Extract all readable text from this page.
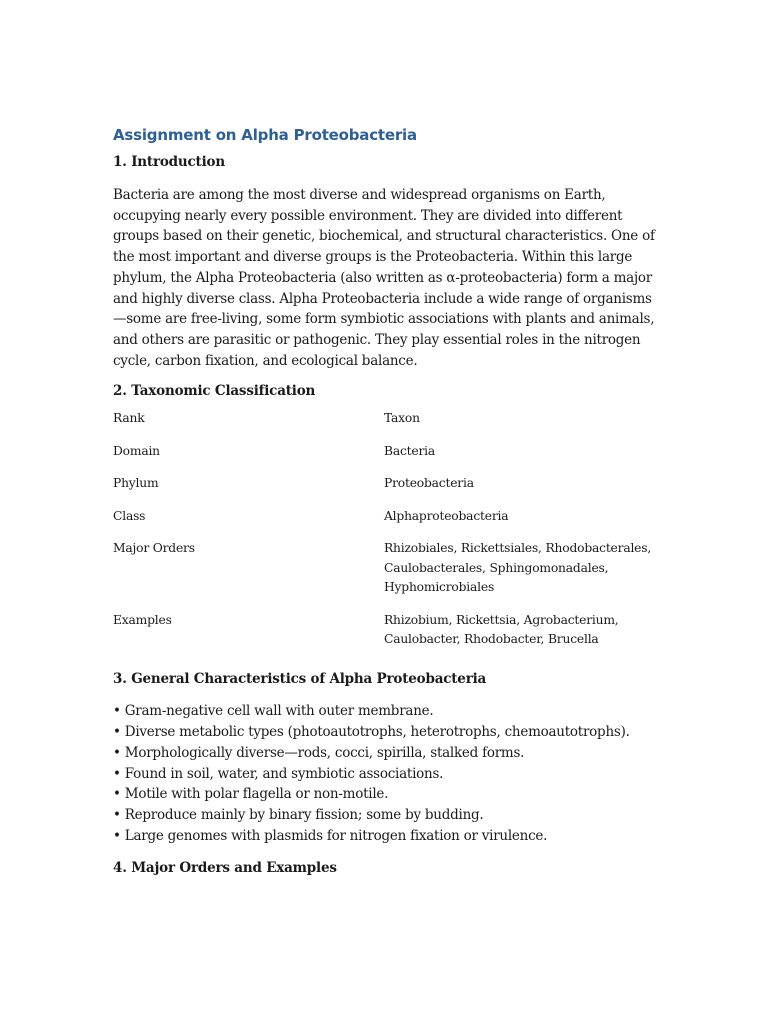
Assignment on Alpha Proteobacteria
1. Introduction

Bacteria are among the most diverse and widespread organisms on Earth, occupying nearly every possible environment. They are divided into different groups based on their genetic, biochemical, and structural characteristics. One of the most important and diverse groups is the Proteobacteria. Within this large phylum, the Alpha Proteobacteria (also written as α-proteobacteria) form a major and highly diverse class. Alpha Proteobacteria include a wide range of organisms—some are free-living, some form symbiotic associations with plants and animals, and others are parasitic or pathogenic. They play essential roles in the nitrogen cycle, carbon fixation, and ecological balance.

2. Taxonomic Classification
Rank	Taxon
Domain	Bacteria
Phylum	Proteobacteria
Class	Alphaproteobacteria
Major Orders	Rhizobiales, Rickettsiales, Rhodobacterales, Caulobacterales, Sphingomonadales, Hyphomicrobiales
Examples	Rhizobium, Rickettsia, Agrobacterium, Caulobacter, Rhodobacter, Brucella
3. General Characteristics of Alpha Proteobacteria
• Gram-negative cell wall with outer membrane.
• Diverse metabolic types (photoautotrophs, heterotrophs, chemoautotrophs).
• Morphologically diverse—rods, cocci, spirilla, stalked forms.
• Found in soil, water, and symbiotic associations.
• Motile with polar flagella or non-motile.
• Reproduce mainly by binary fission; some by budding.
• Large genomes with plasmids for nitrogen fixation or virulence.
4. Major Orders and Examples
